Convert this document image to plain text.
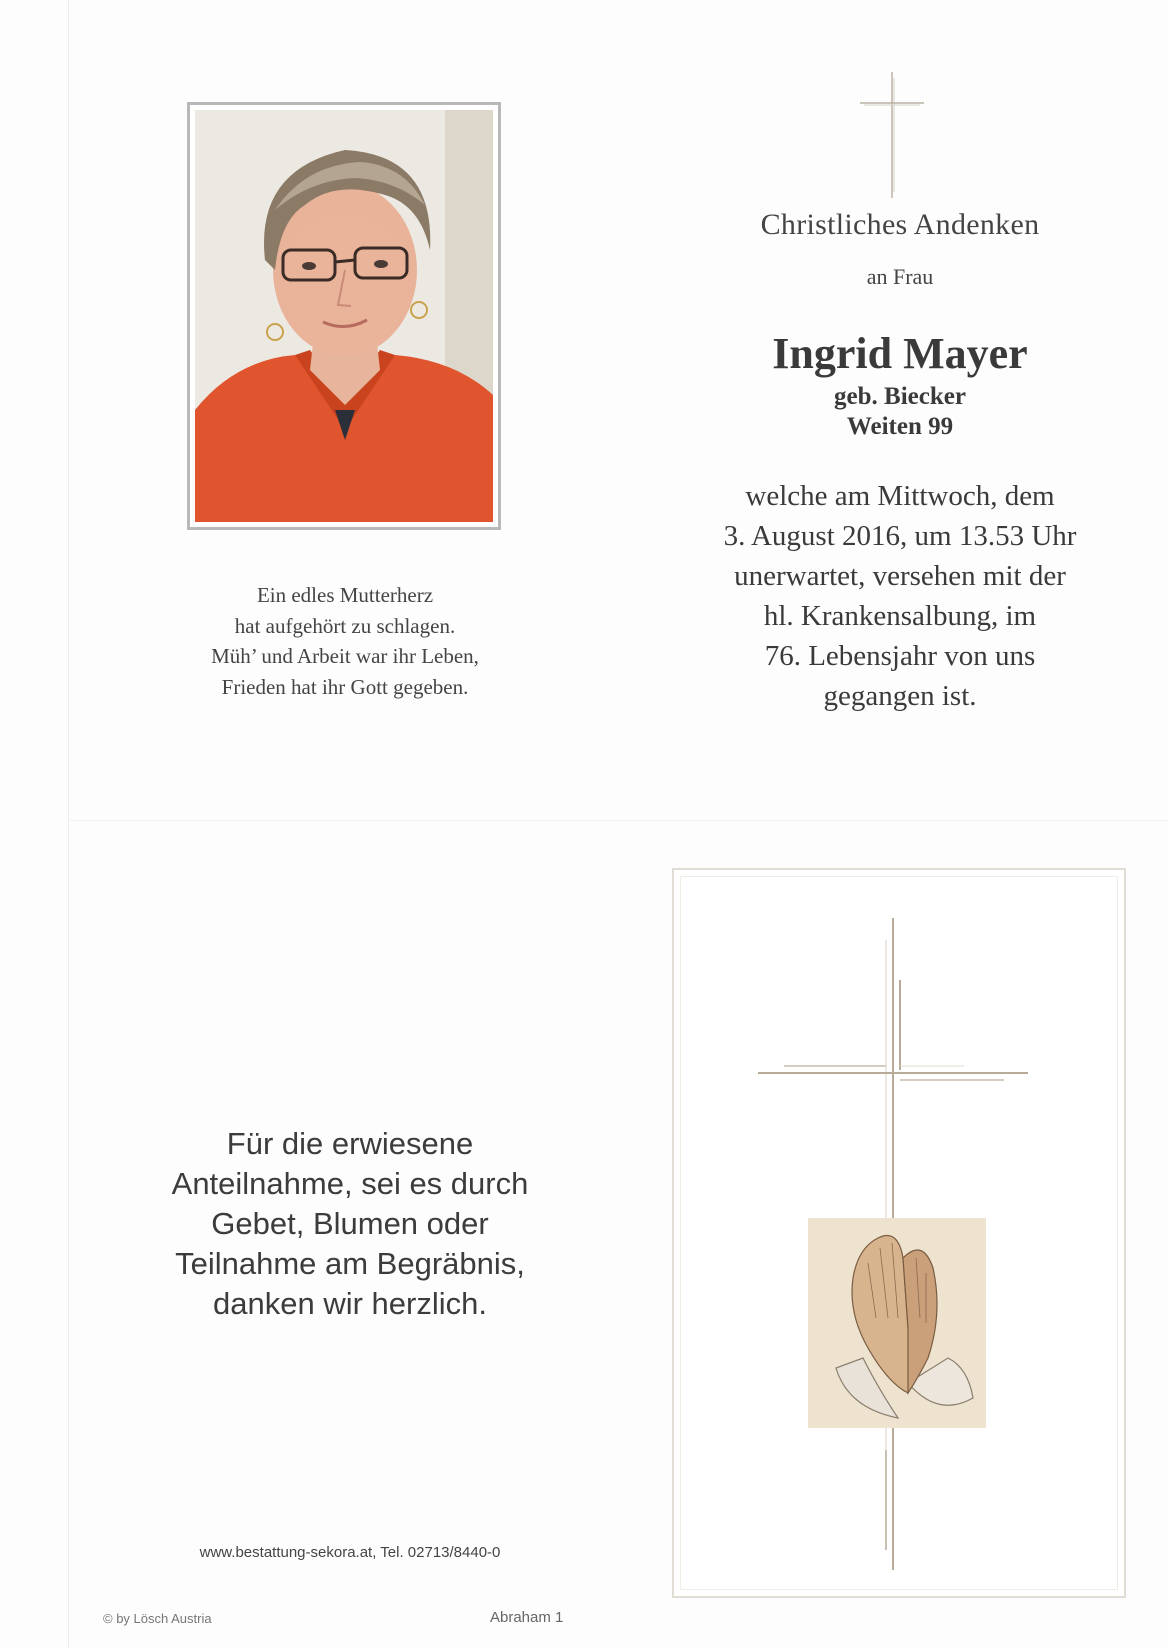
Ein edles Mutterherz
hat aufgehört zu schlagen.
Müh’ und Arbeit war ihr Leben,
Frieden hat ihr Gott gegeben.
Christliches Andenken
an Frau
Ingrid Mayer
geb. Biecker
Weiten 99
welche am Mittwoch, dem
3. August 2016, um 13.53 Uhr
unerwartet, versehen mit der
hl. Krankensalbung, im
76. Lebensjahr von uns
gegangen ist.
Für die erwiesene
Anteilnahme, sei es durch
Gebet, Blumen oder
Teilnahme am Begräbnis,
danken wir herzlich.
www.bestattung-sekora.at, Tel. 02713/8440-0
© by Lösch Austria	Abraham 1
